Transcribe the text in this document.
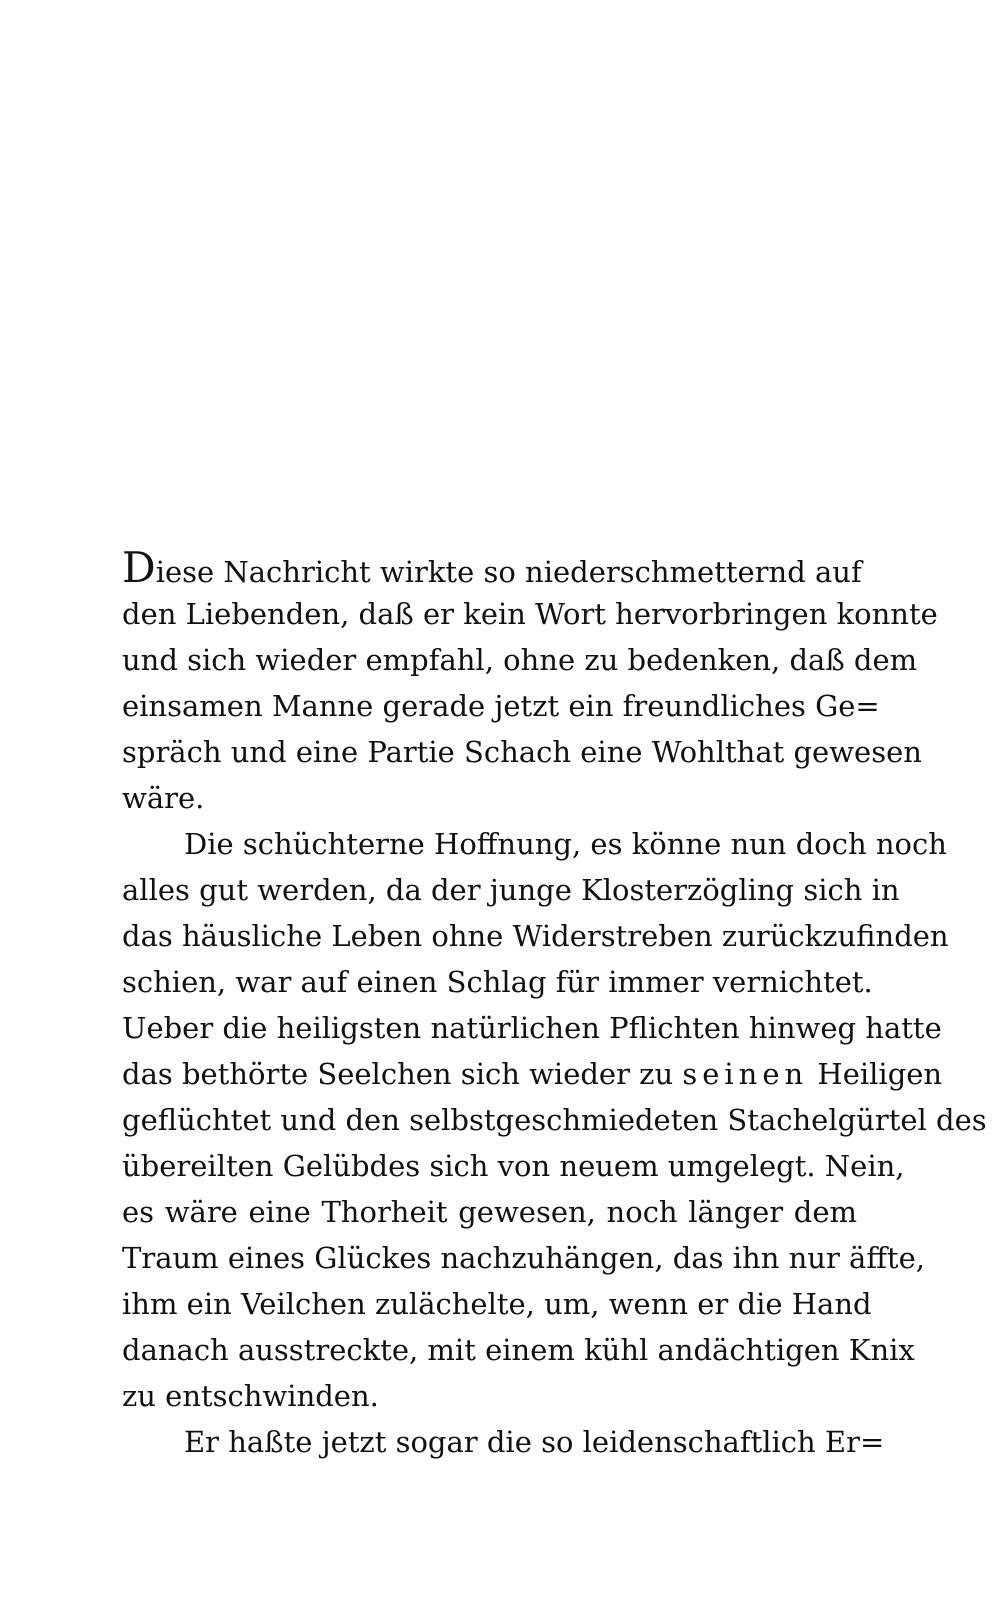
Diese Nachricht wirkte so niederschmetternd auf
den Liebenden, daß er kein Wort hervorbringen konnte
und sich wieder empfahl, ohne zu bedenken, daß dem
einsamen Manne gerade jetzt ein freundliches Ge=
spräch und eine Partie Schach eine Wohlthat gewesen
wäre.
Die schüchterne Hoffnung, es könne nun doch noch
alles gut werden, da der junge Klosterzögling sich in
das häusliche Leben ohne Widerstreben zurückzufinden
schien, war auf einen Schlag für immer vernichtet.
Ueber die heiligsten natürlichen Pflichten hinweg hatte
das bethörte Seelchen sich wieder zu seinen Heiligen
geflüchtet und den selbstgeschmiedeten Stachelgürtel des
übereilten Gelübdes sich von neuem umgelegt. Nein,
es wäre eine Thorheit gewesen, noch länger dem
Traum eines Glückes nachzuhängen, das ihn nur äffte,
ihm ein Veilchen zulächelte, um, wenn er die Hand
danach ausstreckte, mit einem kühl andächtigen Knix
zu entschwinden.
Er haßte jetzt sogar die so leidenschaftlich Er=
